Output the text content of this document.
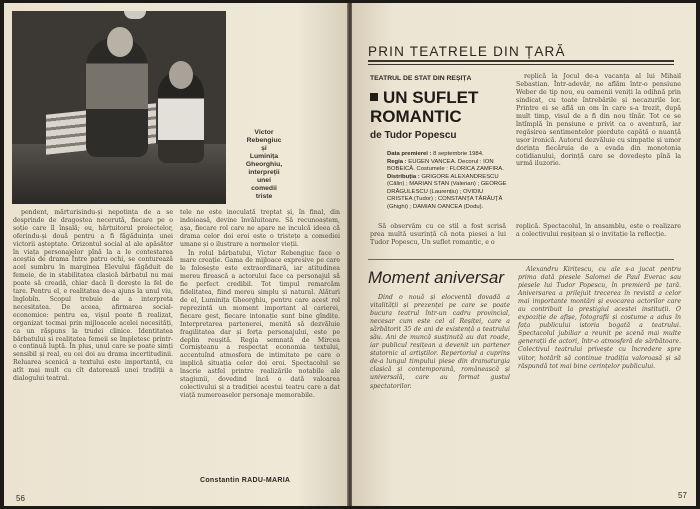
Victor
Rebengiuc
și
Luminița
Gheorghiu,
interpreții
unei
comedii
triste

pendent, mărturisindu-și nepotința de a se desprinde de dragostea necerută, fiecare pe o soție care îl înșală; eu, hărțuitorul proiectelor, oferindu-și două pentru a fi făgăduința unei victorii așteptate. Orizontul social al ale apăsător în viața personajelor pînă la a le contestarea aceștia de drama Între patru ochi, se conturează acel sumbru în marginea Elevului făgăduit de femeie, de in stabilitatea clasică bărbatul nu mai poate să creadă, chiar dacă îi dorește la fel de tare. Pentru el, e realitatea de-a ajuns la unul viu, înglobîn. Scopul trebuie de a interpreta necesitatea. De aceea, afirmarea social-economice: pentru ea, vișul poate fi realizat, organizat tocmai prin mijloacele acelei necesități, ca un răspuns la trudei clinice. Identitatea bărbatului și realitatea femeii se împletesc printr-o continuă luptă. În plus, unul care se poate simți sensibil și real, eu cei doi au drama incertitudinii. Reluarea scenică a textului este importantă, cu atît mai mult cu cît datorează unei tradiții a dialogului teatral.

tele ne este inoculată treptat și, în final, din indoioasă, devine învăluitoare. Să recunoaștem, așa, fiecare rol care ne apare ne inculcă ideea că drama celor doi eroi este o tristețe a comediei umane și o ilustrare a normelor vieții.

În rolul bărbatului, Victor Rebengiuc face o mare creație. Gama de mijloace expresive pe care le folosește este extraordinară, iar atitudinea mereu firească a actorului face ca personajul să fie perfect credibil. Tot timpul remarcăm fidelitatea, fiind mereu simplu și natural. Alături de el, Luminița Gheorghiu, pentru care acest rol reprezintă un moment important al carierei, fiecare gest, fiecare intonație sunt bine gîndite. Interpretarea partenerei, menită să dezvăluie fragilitatea dar și forța personajului, este pe deplin reușită. Regia semnată de Mircea Cornișteanu a respectat economia textului, accentuînd atmosfera de intimitate pe care o implică situația celor doi eroi. Spectacolul se înscrie astfel printre realizările notabile ale stagiunii, dovedind încă o dată valoarea colectivului și a tradiției acestui teatru care a dat viață numeroaselor personaje memorabile.

Constantin RADU-MARIA
56
PRIN TEATRELE DIN ȚARĂ
TEATRUL DE STAT DIN REȘIȚA
UN SUFLET ROMANTIC
de Tudor Popescu
Data premierei : 8 septembrie 1984.
Regia : EUGEN VANCEA. Decorul : ION BOBEICĂ. Costumele : FLORICA ZAMFIRA.
Distribuția : GRIGORE ALEXANDRESCU (Călin) ; MARIAN STAN (Valerian) ; GEORGE DRĂGULESCU (Laurențiu) ; OVIDIU CRISTEA (Tudor) ; CONSTANȚA TĂRĂUȚĂ (Ghighi) ; DAMIAN OANCEA (Dodu).

replică la Jocul de-a vacanța al lui Mihail Sebastian. Într-adevăr, ne aflăm într-o pensiune Weber de tip nou, eu oamenii veniți la odihnă prin sindicat, cu toate întrebările și necazurile lor. Printre ei se află un om în care s-a trezit, după mult timp, visul de a fi din nou tînăr. Tot ce se întîmplă în pensiune e privit ca o aventură, iar regăsirea sentimentelor pierdute capătă o nuanță ușor ironică. Autorul dezvăluie cu simpatie și umor dorința fiecăruia de a evada din monotonia cotidianului, dorință care se dovedește pînă la urmă iluzorie.

Să observăm cu ce stil a fost scrisă prea multă usurință că nota piesei a lui Tudor Popescu, Un suflet romantic, e o

replică. Spectacolul, în ansamblu, este o realizare a colectivului reșițean și o invitație la reflecție.

Moment aniversar

Dind o nouă și elocventă dovadă a vitalității și prezenței pe care se poate bucura teatrul într-un cadru provincial, necesar cum este cel al Reșiței, care a sărbătorit 35 de ani de existență a teatrului său. Ani de muncă susținută au dat roade, iar publicul reșițean a devenit un partener statornic al artiștilor. Repertoriul a cuprins de-a lungul timpului piese din dramaturgia clasică și contemporană, românească și universală, care au format gustul spectatorilor.

Alexandru Kirițescu, cu ale s-a jucat pentru prima dată piesele Salomei de Paul Everac sau piesele lui Tudor Popescu, în premieră pe țară. Aniversarea a prilejuit trecerea în revistă a celor mai importante montări și evocarea actorilor care au contribuit la prestigiul acestei instituții. O expoziție de afișe, fotografii și costume a adus în fața publicului istoria bogată a teatrului. Spectacolul jubiliar a reunit pe scenă mai multe generații de actori, într-o atmosferă de sărbătoare. Colectivul teatrului privește cu încredere spre viitor, hotărît să continue tradiția valoroasă și să răspundă tot mai bine cerințelor publicului.

57
